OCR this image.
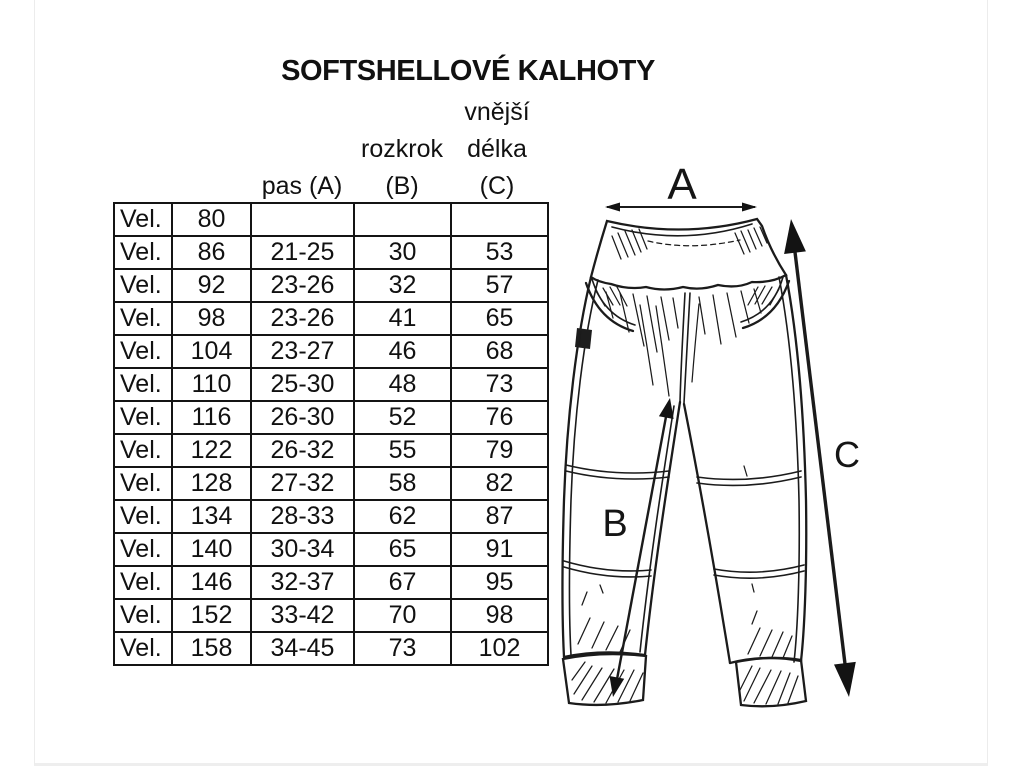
SOFTSHELLOVÉ KALHOTY
pas (A)
rozkrok
(B)
vnější
délka
(C)
Vel.	80			
Vel.	86	21-25	30	53
Vel.	92	23-26	32	57
Vel.	98	23-26	41	65
Vel.	104	23-27	46	68
Vel.	110	25-30	48	73
Vel.	116	26-30	52	76
Vel.	122	26-32	55	79
Vel.	128	27-32	58	82
Vel.	134	28-33	62	87
Vel.	140	30-34	65	91
Vel.	146	32-37	67	95
Vel.	152	33-42	70	98
Vel.	158	34-45	73	102
A
B
C
